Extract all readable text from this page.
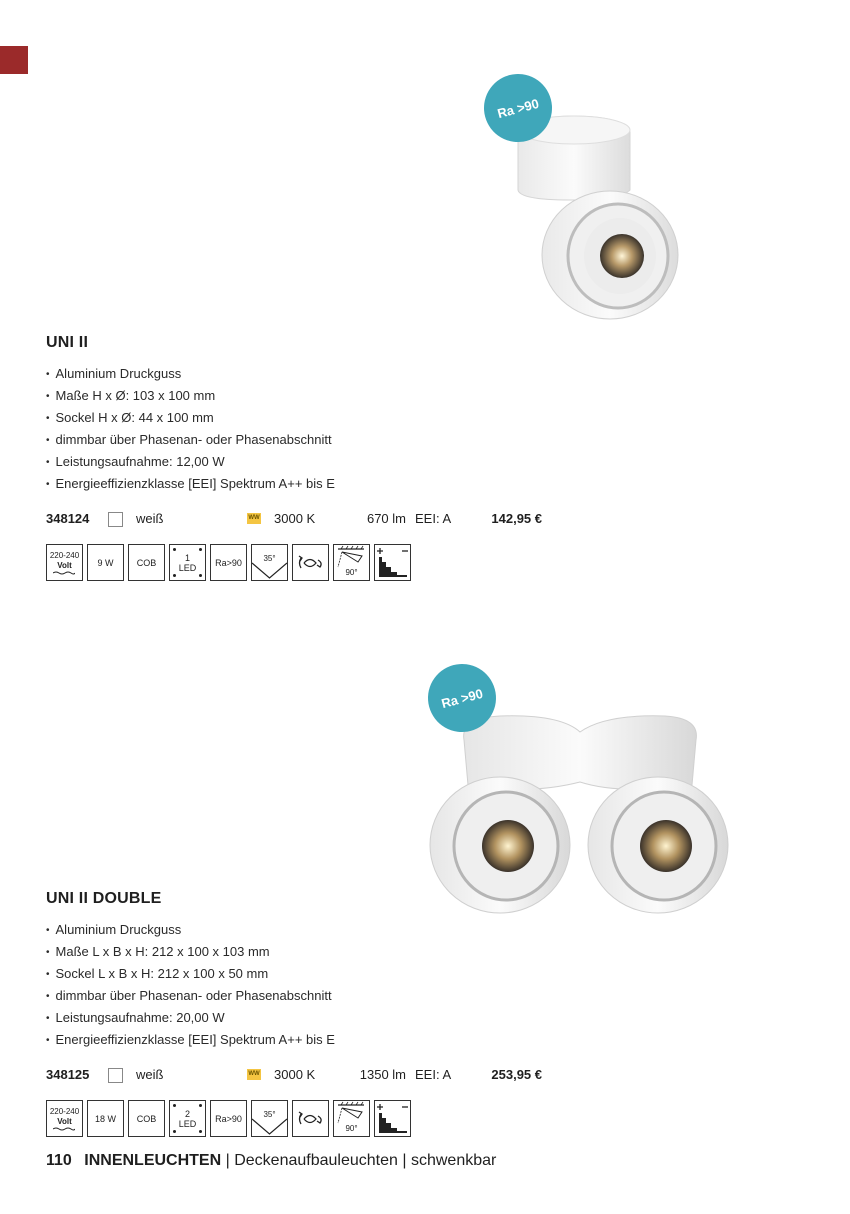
Ra >90
UNI II
• Aluminium Druckguss
• Maße H x Ø: 103 x 100 mm
• Sockel H x Ø: 44 x 100 mm
• dimmbar über Phasenan- oder Phasenabschnitt
• Leistungsaufnahme: 12,00 W
• Energieeffizienzklasse [EEI] Spektrum A++ bis E
348124	weiß	WW 3000 K	670 lm EEI: A	142,95 €
220-240
Volt	9 W	COB	1
LED	Ra>90	35°
90°
Ra >90
UNI II DOUBLE
• Aluminium Druckguss
• Maße L x B x H: 212 x 100 x 103 mm
• Sockel L x B x H: 212 x 100 x 50 mm
• dimmbar über Phasenan- oder Phasenabschnitt
• Leistungsaufnahme: 20,00 W
• Energieeffizienzklasse [EEI] Spektrum A++ bis E
348125	weiß	WW 3000 K	1350 lm EEI: A	253,95 €
220-240
Volt	18 W	COB	2
LED	Ra>90	35°
90°
110 INNENLEUCHTEN | Deckenaufbauleuchten | schwenkbar
